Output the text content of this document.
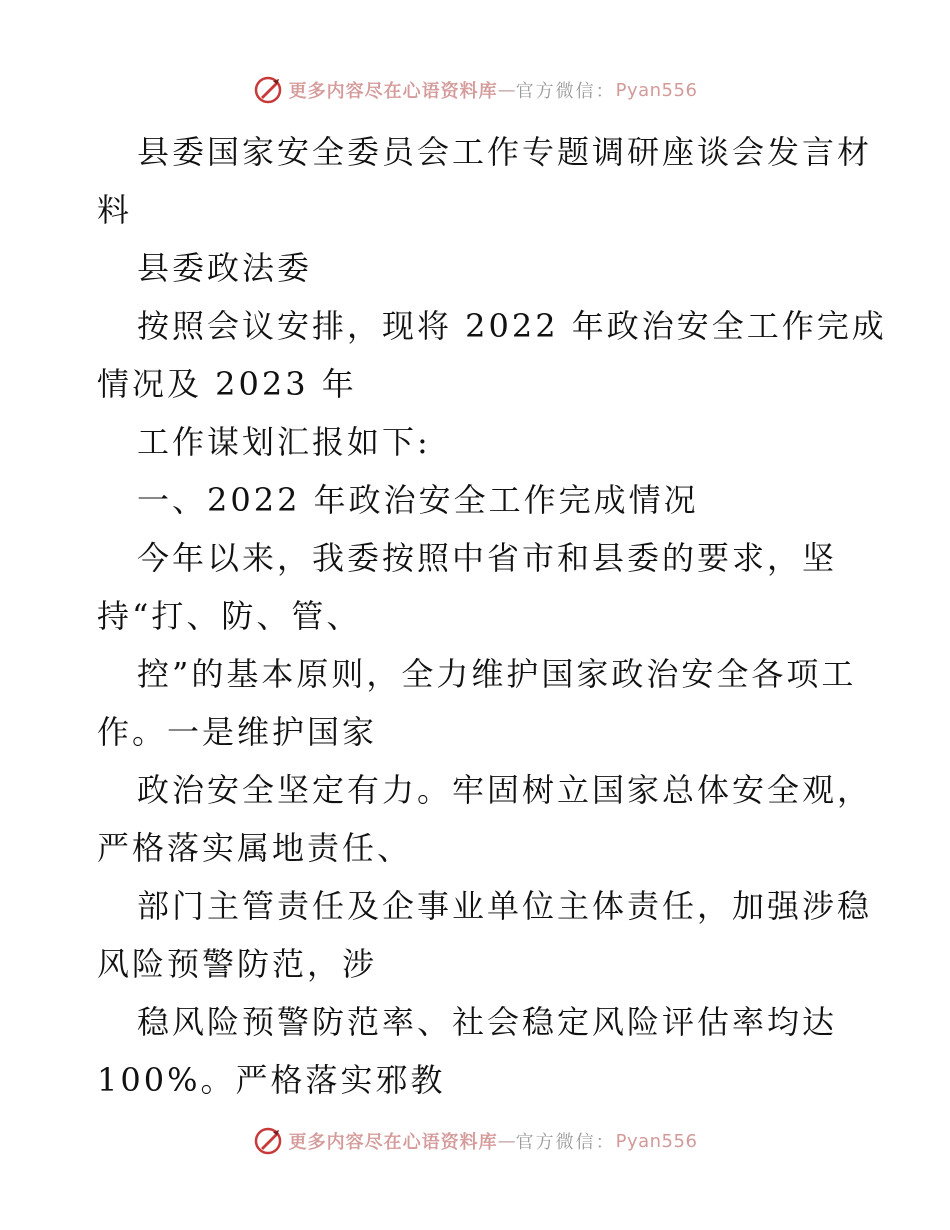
更多内容尽在心语资料库 — 官方微信： Pyan556
县委国家安全委员会工作专题调研座谈会发言材
料
县委政法委
按照会议安排，现将 2022 年政治安全工作完成
情况及 2023 年
工作谋划汇报如下:
一、2022 年政治安全工作完成情况
今年以来，我委按照中省市和县委的要求，坚
持“打、防、管、
控”的基本原则，全力维护国家政治安全各项工
作。一是维护国家
政治安全坚定有力。牢固树立国家总体安全观，
严格落实属地责任、
部门主管责任及企事业单位主体责任，加强涉稳
风险预警防范，涉
稳风险预警防范率、社会稳定风险评估率均达
100%。严格落实邪教
更多内容尽在心语资料库 — 官方微信： Pyan556
